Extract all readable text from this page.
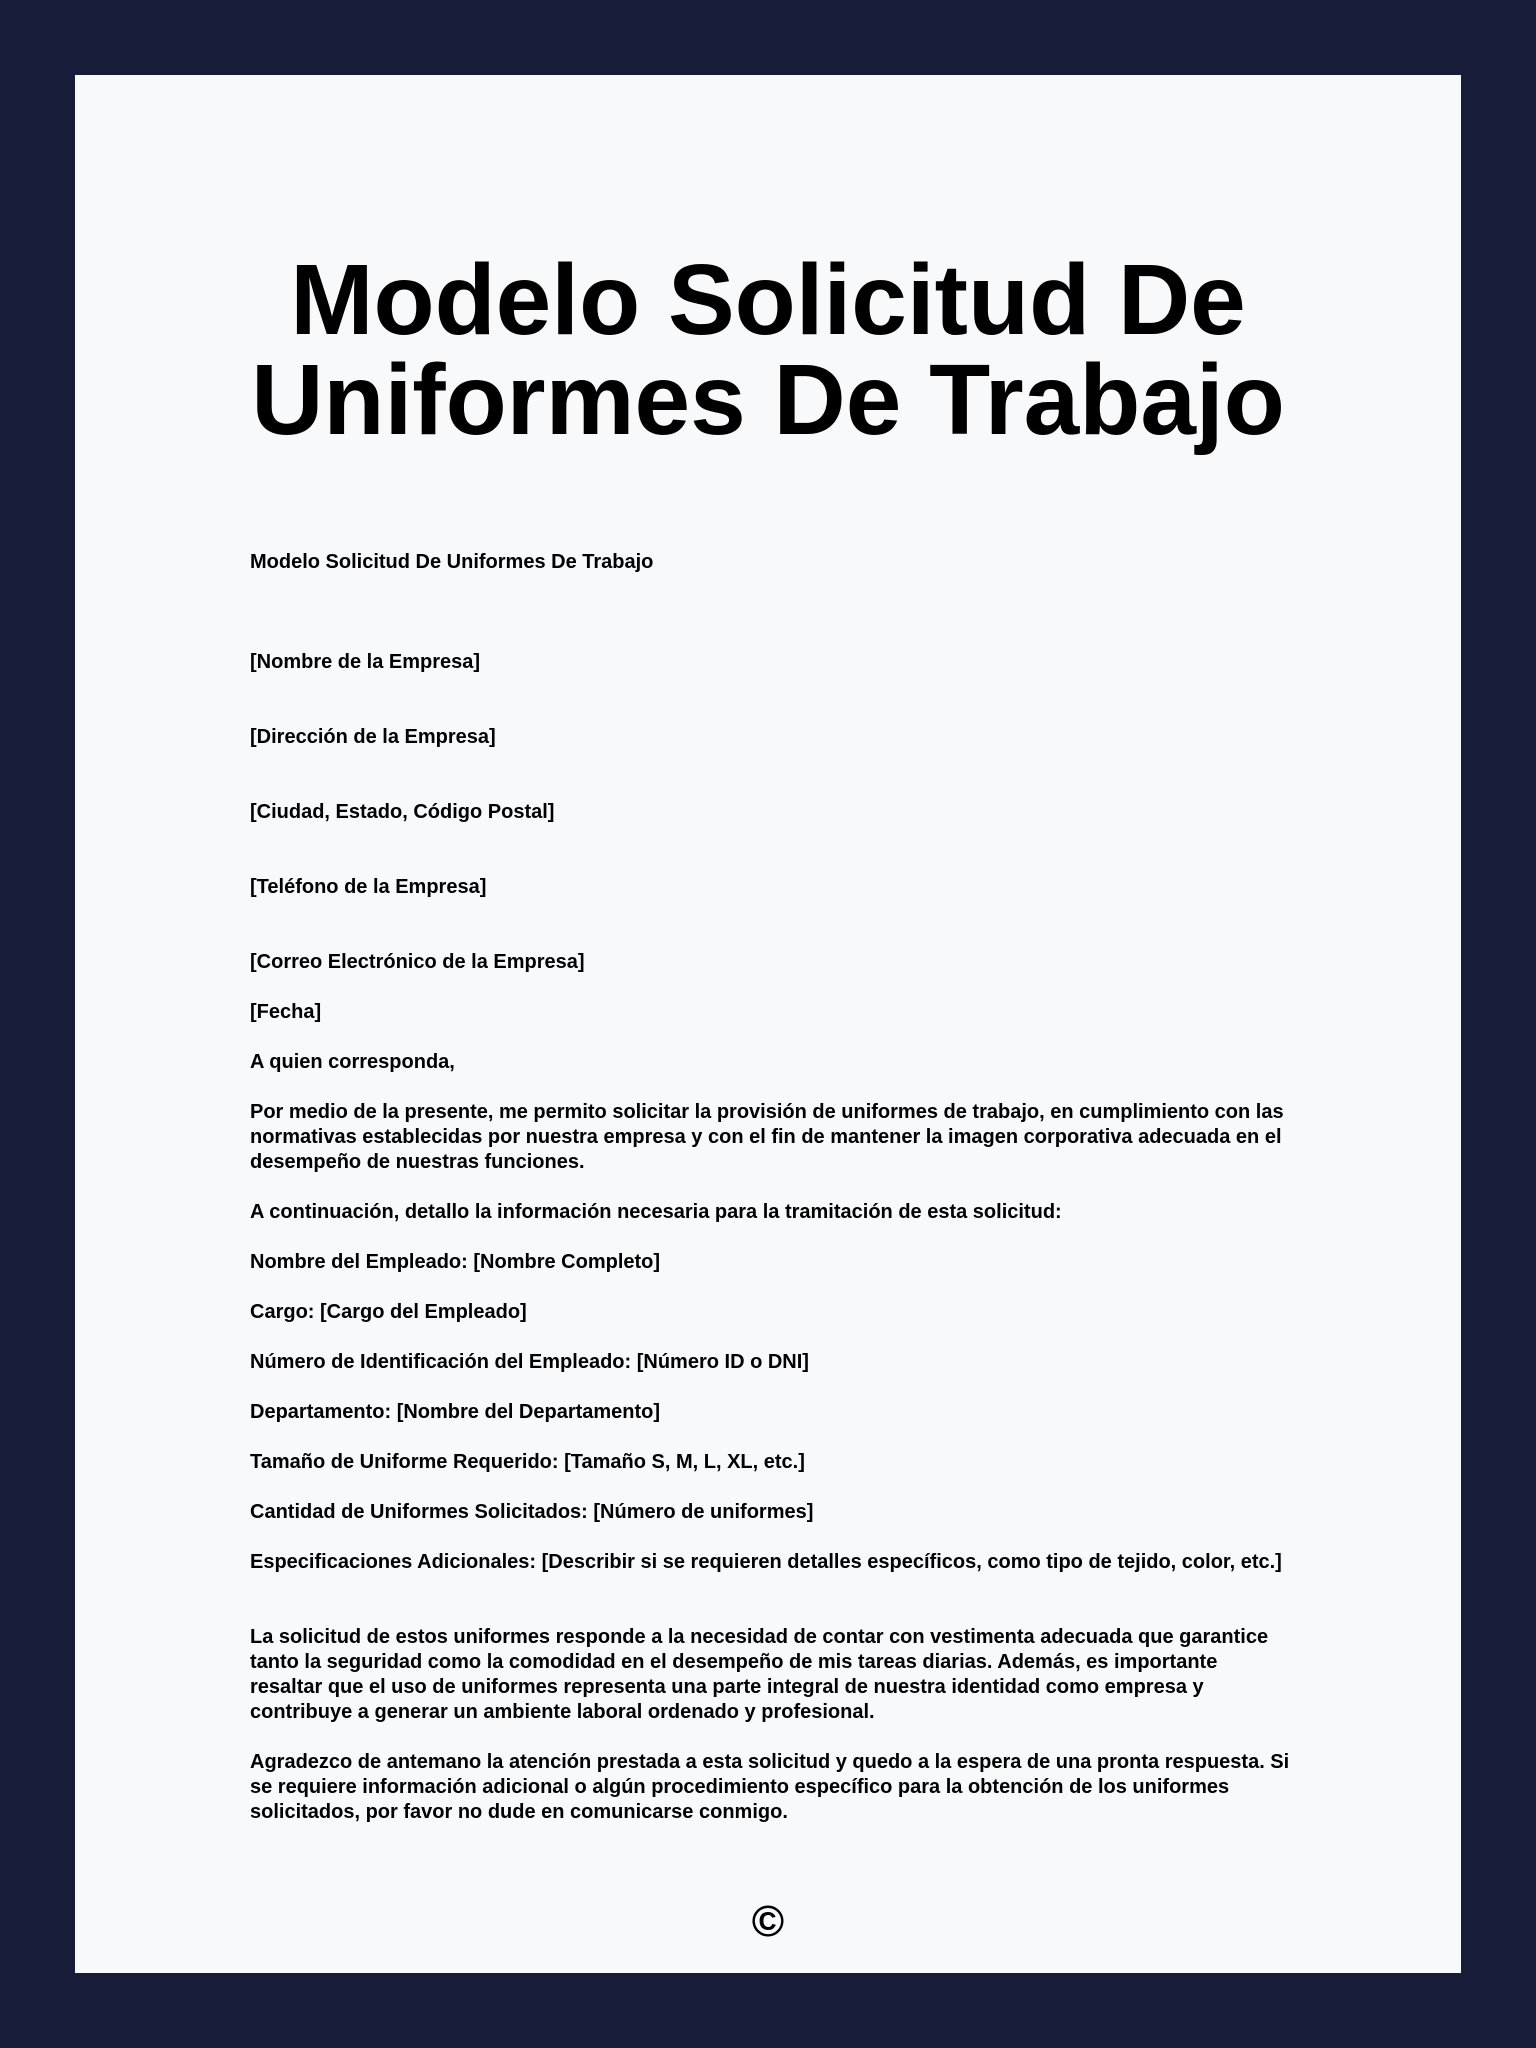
Modelo Solicitud De
Uniformes De Trabajo
Modelo Solicitud De Uniformes De Trabajo
[Nombre de la Empresa]
[Dirección de la Empresa]
[Ciudad, Estado, Código Postal]
[Teléfono de la Empresa]
[Correo Electrónico de la Empresa]
[Fecha]
A quien corresponda,
Por medio de la presente, me permito solicitar la provisión de uniformes de trabajo, en cumplimiento con las normativas establecidas por nuestra empresa y con el fin de mantener la imagen corporativa adecuada en el desempeño de nuestras funciones.
A continuación, detallo la información necesaria para la tramitación de esta solicitud:
Nombre del Empleado: [Nombre Completo]
Cargo: [Cargo del Empleado]
Número de Identificación del Empleado: [Número ID o DNI]
Departamento: [Nombre del Departamento]
Tamaño de Uniforme Requerido: [Tamaño S, M, L, XL, etc.]
Cantidad de Uniformes Solicitados: [Número de uniformes]
Especificaciones Adicionales: [Describir si se requieren detalles específicos, como tipo de tejido, color, etc.]
La solicitud de estos uniformes responde a la necesidad de contar con vestimenta adecuada que garantice tanto la seguridad como la comodidad en el desempeño de mis tareas diarias. Además, es importante resaltar que el uso de uniformes representa una parte integral de nuestra identidad como empresa y contribuye a generar un ambiente laboral ordenado y profesional.
Agradezco de antemano la atención prestada a esta solicitud y quedo a la espera de una pronta respuesta. Si se requiere información adicional o algún procedimiento específico para la obtención de los uniformes solicitados, por favor no dude en comunicarse conmigo.
©
